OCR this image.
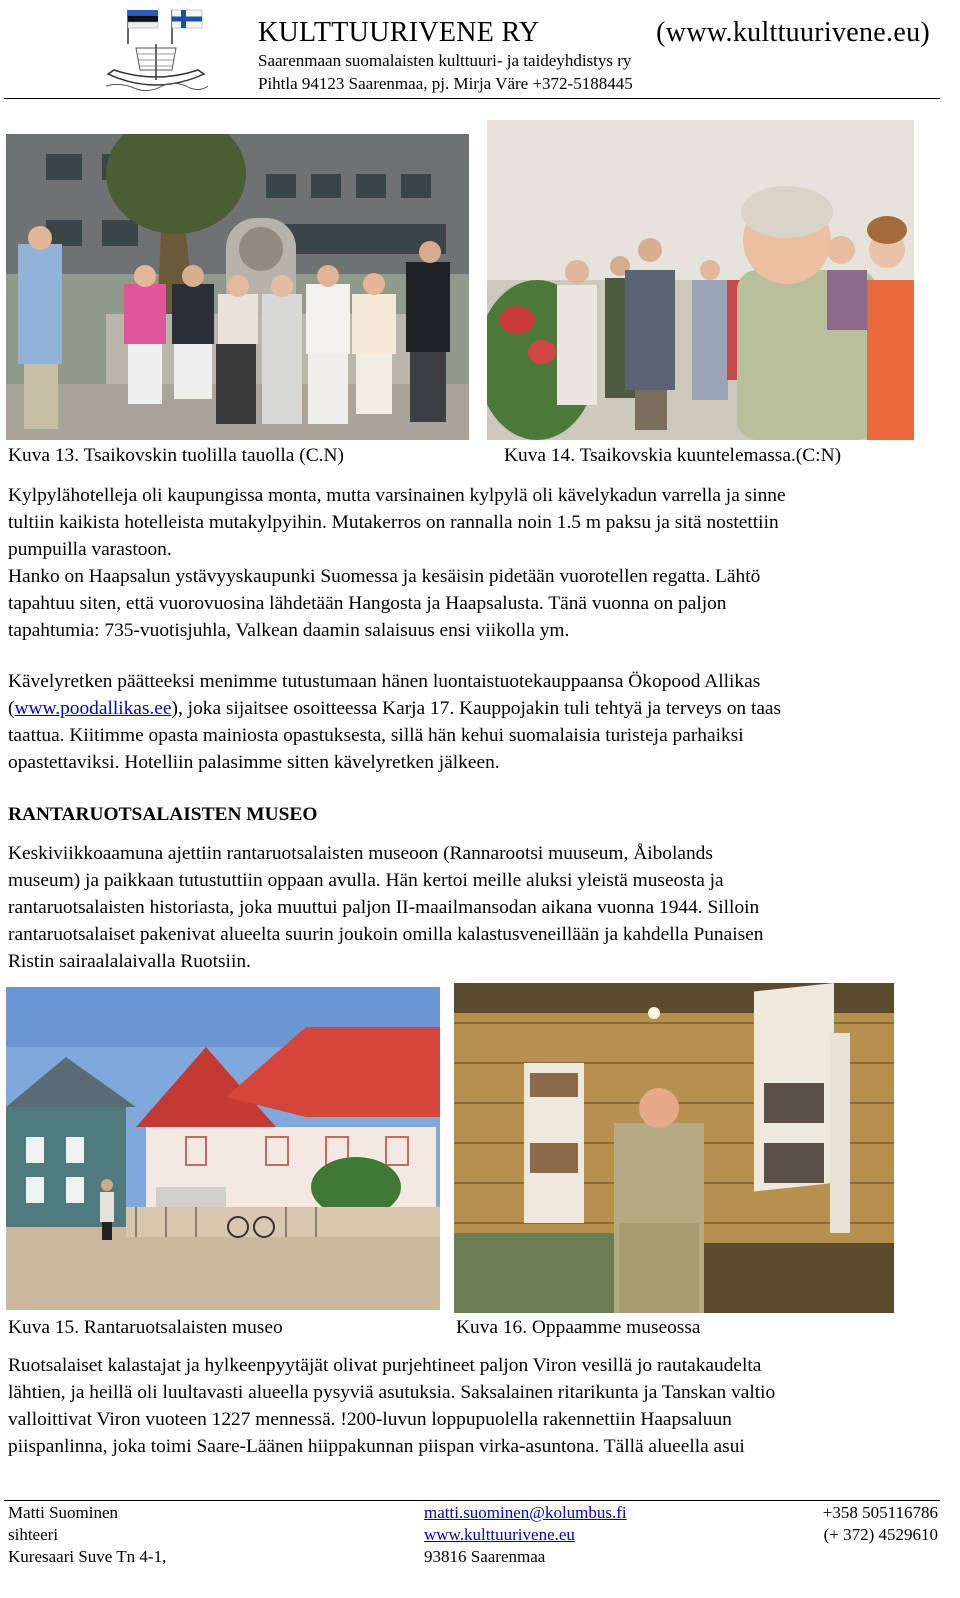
KULTTUURIVENE RY	(www.kulttuurivene.eu)
Saarenmaan suomalaisten kulttuuri- ja taideyhdistys ry
Pihtla 94123 Saarenmaa, pj. Mirja Väre +372-5188445
Kuva 13. Tsaikovskin tuolilla tauolla (C.N)	Kuva 14. Tsaikovskia kuuntelemassa.(C:N)

Kylpylähotelleja oli kaupungissa monta, mutta varsinainen kylpylä oli kävelykadun varrella ja sinne

tultiin kaikista hotelleista mutakylpyihin. Mutakerros on rannalla noin 1.5 m paksu ja sitä nostettiin

pumpuilla varastoon.

Hanko on Haapsalun ystävyyskaupunki Suomessa ja kesäisin pidetään vuorotellen regatta. Lähtö

tapahtuu siten, että vuorovuosina lähdetään Hangosta ja Haapsalusta. Tänä vuonna on paljon

tapahtumia: 735-vuotisjuhla, Valkean daamin salaisuus ensi viikolla ym.

Kävelyretken päätteeksi menimme tutustumaan hänen luontaistuotekauppaansa Ökopood Allikas

(www.poodallikas.ee), joka sijaitsee osoitteessa Karja 17. Kauppojakin tuli tehtyä ja terveys on taas

taattua. Kiitimme opasta mainiosta opastuksesta, sillä hän kehui suomalaisia turisteja parhaiksi

opastettaviksi. Hotelliin palasimme sitten kävelyretken jälkeen.

RANTARUOTSALAISTEN MUSEO

Keskiviikkoaamuna ajettiin rantaruotsalaisten museoon (Rannarootsi muuseum, Åibolands

museum) ja paikkaan tutustuttiin oppaan avulla. Hän kertoi meille aluksi yleistä museosta ja

rantaruotsalaisten historiasta, joka muuttui paljon II-maailmansodan aikana vuonna 1944. Silloin

rantaruotsalaiset pakenivat alueelta suurin joukoin omilla kalastusveneillään ja kahdella Punaisen

Ristin sairaalalaivalla Ruotsiin.

Kuva 15. Rantaruotsalaisten museo	Kuva 16. Oppaamme museossa

Ruotsalaiset kalastajat ja hylkeenpyytäjät olivat purjehtineet paljon Viron vesillä jo rautakaudelta

lähtien, ja heillä oli luultavasti alueella pysyviä asutuksia. Saksalainen ritarikunta ja Tanskan valtio

valloittivat Viron vuoteen 1227 mennessä. !200-luvun loppupuolella rakennettiin Haapsaluun

piispanlinna, joka toimi Saare-Läänen hiippakunnan piispan virka-asuntona. Tällä alueella asui

Matti Suominen
sihteeri
Kuresaari Suve Tn 4-1,
matti.suominen@kolumbus.fi
www.kulttuurivene.eu
93816 Saarenmaa
+358 505116786
(+ 372) 4529610
